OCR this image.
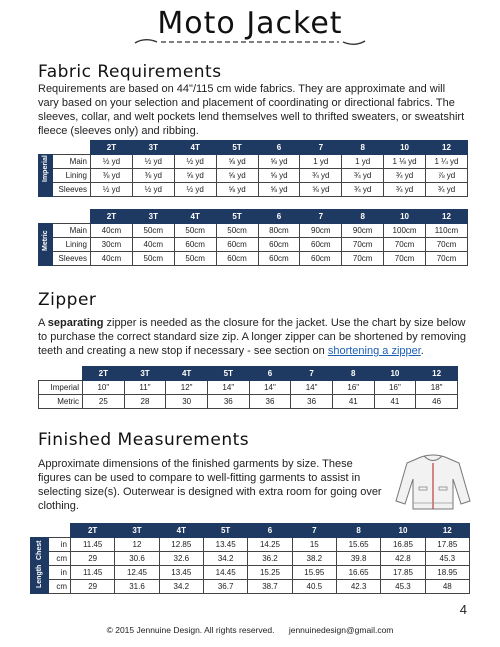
Moto Jacket
Fabric Requirements
Requirements are based on 44"/115 cm wide fabrics. They are approximate and will vary based on your selection and placement of coordinating or directional fabrics. The sleeves, collar, and welt pockets lend themselves well to thrifted sweaters, or sweatshirt fleece (sleeves only) and ribbing.
		2T	3T	4T	5T	6	7	8	10	12

Imperial	Main	½ yd	½ yd	½ yd	⅝ yd	⅝ yd	1 yd	1 yd	1 ⅛ yd	1 ¼ yd
	Lining	⅜ yd	⅜ yd	⅝ yd	⅝ yd	⅝ yd	¾ yd	¾ yd	¾ yd	⅞ yd
	Sleeves	½ yd	½ yd	½ yd	⅝ yd	⅝ yd	⅝ yd	¾ yd	¾ yd	¾ yd
		2T	3T	4T	5T	6	7	8	10	12

Metric	Main	40cm	50cm	50cm	50cm	80cm	90cm	90cm	100cm	110cm
	Lining	30cm	40cm	60cm	60cm	60cm	60cm	70cm	70cm	70cm
	Sleeves	40cm	50cm	50cm	60cm	60cm	60cm	70cm	70cm	70cm
Zipper
A separating zipper is needed as the closure for the jacket. Use the chart by size below to purchase the correct standard size zip. A longer zipper can be shortened by removing teeth and creating a new stop if necessary - see section on shortening a zipper.
	2T	3T	4T	5T	6	7	8	10	12
Imperial	10"	11"	12"	14"	14"	14"	16"	16"	18"
Metric	25	28	30	36	36	36	41	41	46
Finished Measurements
Approximate dimensions of the finished garments by size. These figures can be used to compare to well-fitting garments to assist in selecting size(s). Outerwear is designed with extra room for going over clothing.
		2T	3T	4T	5T	6	7	8	10	12

Chest	in	11.45	12	12.85	13.45	14.25	15	15.65	16.85	17.85
	cm	29	30.6	32.6	34.2	36.2	38.2	39.8	42.8	45.3

Length	in	11.45	12.45	13.45	14.45	15.25	15.95	16.65	17.85	18.95
	cm	29	31.6	34.2	36.7	38.7	40.5	42.3	45.3	48
4
© 2015 Jennuine Design. All rights reserved. jennuinedesign@gmail.com
